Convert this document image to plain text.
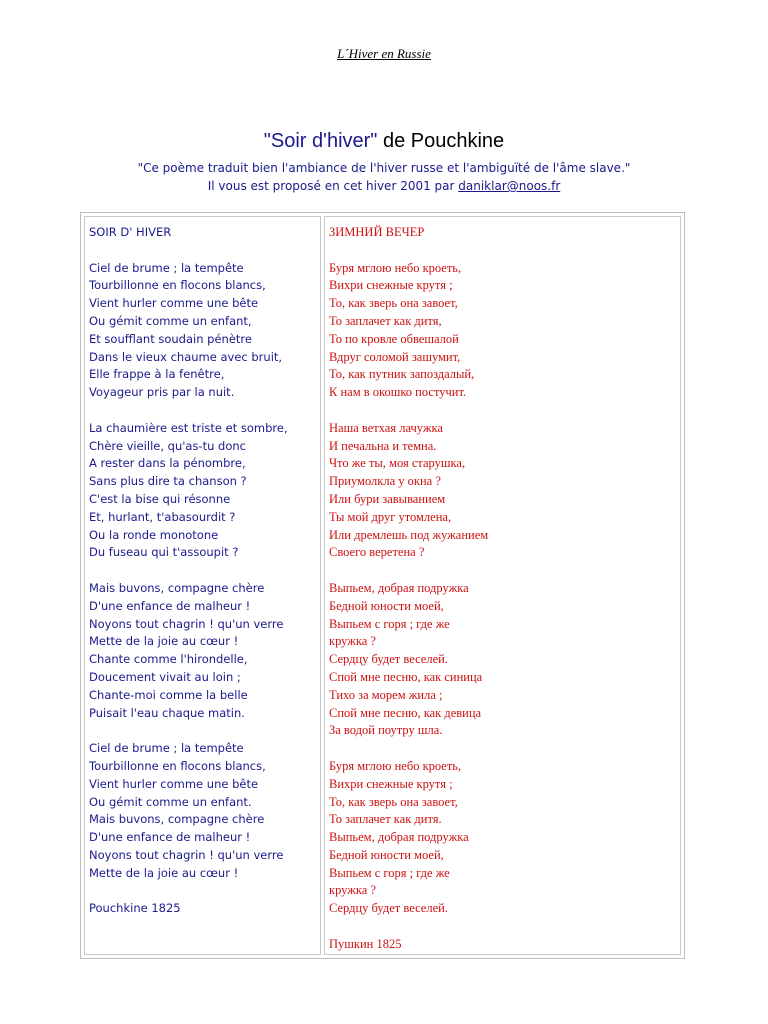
L´Hiver en Russie
"Soir d'hiver" de Pouchkine
"Ce poème traduit bien l'ambiance de l'hiver russe et l'ambiguïté de l'âme slave."
Il vous est proposé en cet hiver 2001 par daniklar@noos.fr
SOIR D' HIVER

Ciel de brume ; la tempête
Tourbillonne en flocons blancs,
Vient hurler comme une bête
Ou gémit comme un enfant,
Et soufflant soudain pénètre
Dans le vieux chaume avec bruit,
Elle frappe à la fenêtre,
Voyageur pris par la nuit.

La chaumière est triste et sombre,
Chère vieille, qu'as-tu donc
A rester dans la pénombre,
Sans plus dire ta chanson ?
C'est la bise qui résonne
Et, hurlant, t'abasourdit ?
Ou la ronde monotone
Du fuseau qui t'assoupit ?

Mais buvons, compagne chère
D'une enfance de malheur !
Noyons tout chagrin ! qu'un verre
Mette de la joie au cœur !
Chante comme l'hirondelle,
Doucement vivait au loin ;
Chante-moi comme la belle
Puisait l'eau chaque matin.

Ciel de brume ; la tempête
Tourbillonne en flocons blancs,
Vient hurler comme une bête
Ou gémit comme un enfant.
Mais buvons, compagne chère
D'une enfance de malheur !
Noyons tout chagrin ! qu'un verre
Mette de la joie au cœur !

Pouchkine 1825
ЗИМНИЙ ВЕЧЕР

Буря мглою небо кроеть,
Вихри снежные крутя ;
То, как зверь она завоет,
То заплачет как дитя,
То по кровле обвешалой
Вдруг соломой зашумит,
То, как путник запоздалый,
К нам в окошко постучит.

Наша ветхая лачужка
И печальна и темна.
Что же ты, моя старушка,
Приумолкла у окна ?
Или бури завыванием
Ты мой друг утомлена,
Или дремлешь под жужанием
Своего веретена ?

Выпьем, добрая подружка
Бедной юности моей,
Выпьем с горя ; где же
кружка ?
Сердцу будет веселей.
Спой мне песню, как синица
Тихо за морем жила ;
Спой мне песню, как девица
За водой поутру шла.

Буря мглою небо кроеть,
Вихри снежные крутя ;
То, как зверь она завоет,
То заплачет как дитя.
Выпьем, добрая подружка
Бедной юности моей,
Выпьем с горя ; где же
кружка ?
Сердцу будет веселей.

Пушкин 1825
